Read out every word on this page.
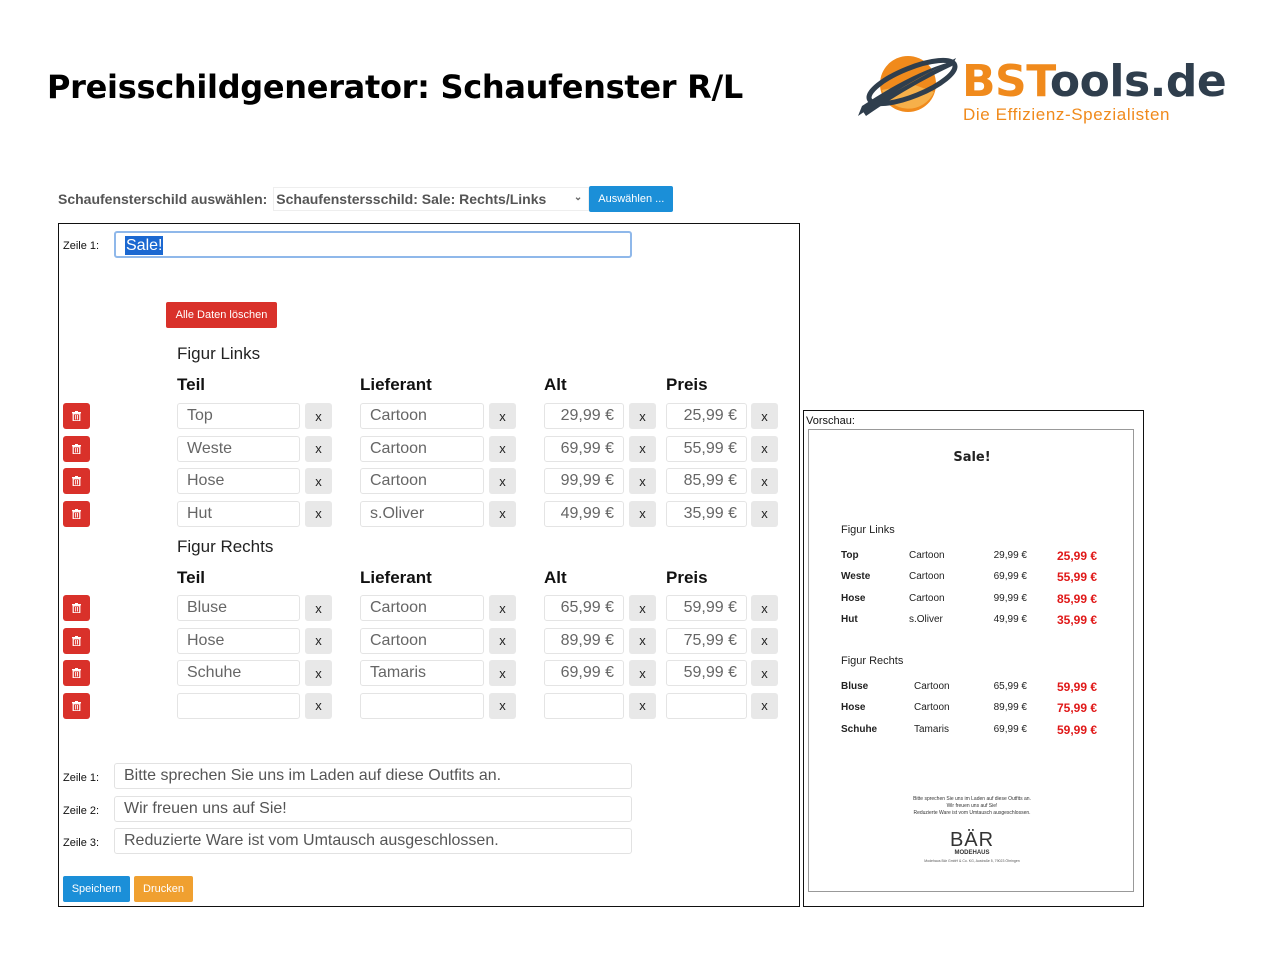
Preisschildgenerator: Schaufenster R/L	BSTools.de
Die Effizienz-Spezialisten
Schaufensterschild auswählen: Schaufenstersschild: Sale: Rechts/Links	⌄	Auswählen ...
Zeile 1: Sale!
Alle Daten löschen
Figur Links
Teil	Lieferant	Alt	Preis
Top	x	Cartoon	x	29,99 € x 25,99 € x
Weste	x	Cartoon	x	69,99 € x 55,99 € x
Hose	x	Cartoon	x	99,99 € x 85,99 € x
Hut	x	s.Oliver	x	49,99 € x 35,99 € x
Figur Rechts
Teil	Lieferant	Alt	Preis
Bluse	x	Cartoon	x	65,99 € x 59,99 € x
Hose	x	Cartoon	x	89,99 € x 75,99 € x
Schuhe	x	Tamaris	x	69,99 € x 59,99 € x
x	x	x	x
Zeile 1:
Bitte sprechen Sie uns im Laden auf diese Outfits an.
Zeile 2:
Wir freuen uns auf Sie!
Zeile 3:
Reduzierte Ware ist vom Umtausch ausgeschlossen.
Speichern	Drucken
Vorschau:
Sale!
Figur Links
Top	Cartoon	29,99 €	25,99 €
Weste	Cartoon	69,99 €	55,99 €
Hose	Cartoon	99,99 €	85,99 €
Hut	s.Oliver	49,99 €	35,99 €
Figur Rechts
Bluse	Cartoon	65,99 €	59,99 €
Hose	Cartoon	89,99 €	75,99 €
Schuhe	Tamaris	69,99 €	59,99 €
Bitte sprechen Sie uns im Laden auf diese Outfits an.
Wir freuen uns auf Sie!
Reduzierte Ware ist vom Umtausch ausgeschlossen.
BÄR
MODEHAUS
Modehaus Bär GmbH & Co. KG, Austraße 5, 79023 Öhringen
